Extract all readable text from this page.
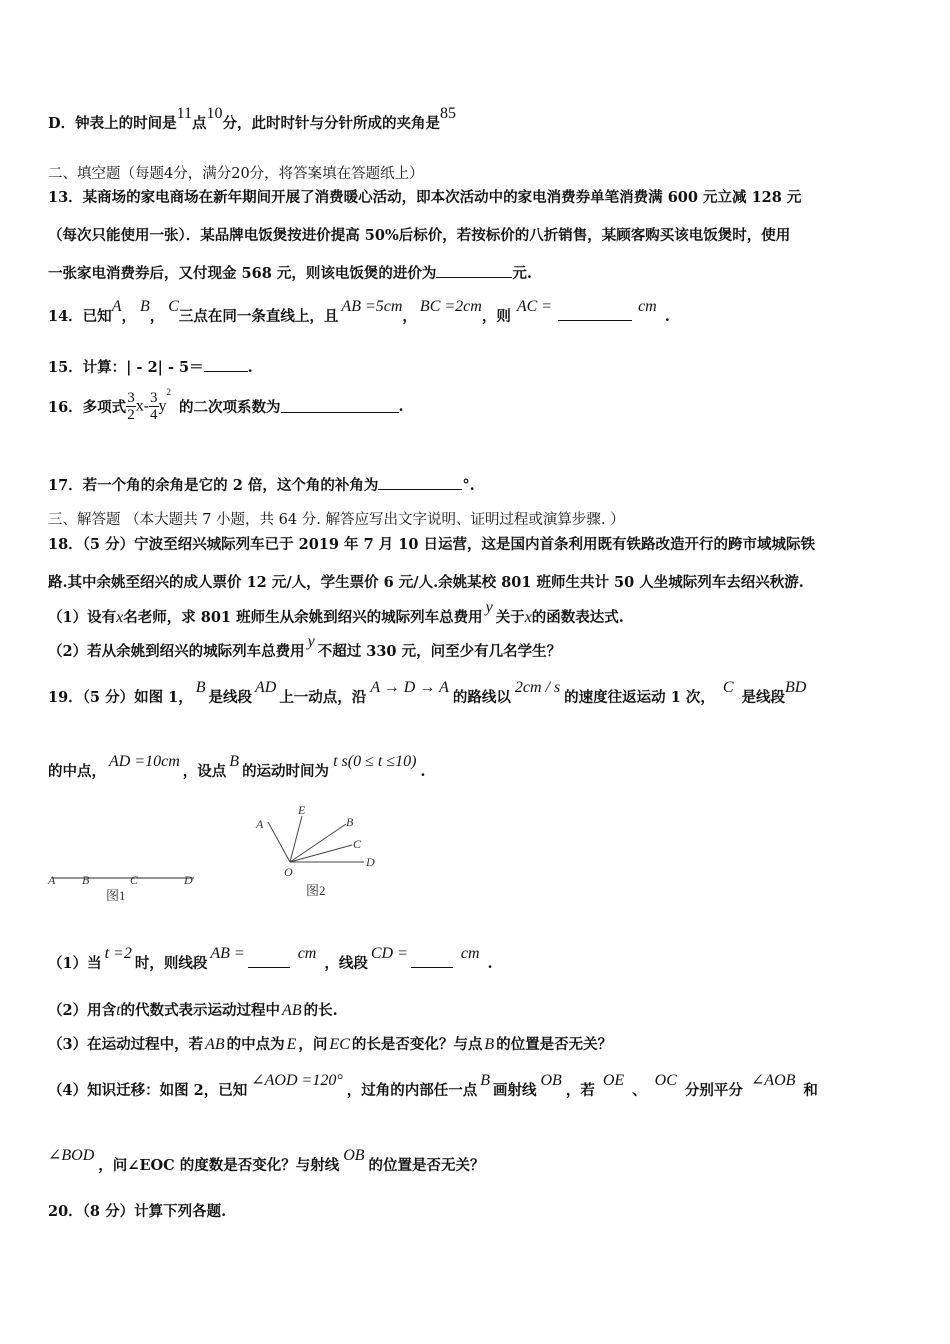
D．钟表上的时间是11点10分，此时时针与分针所成的夹角是85
二、填空题（每题4分，满分20分，将答案填在答题纸上）
13．某商场的家电商场在新年期间开展了消费暖心活动，即本次活动中的家电消费券单笔消费满 600 元立减 128 元
（每次只能使用一张）．某品牌电饭煲按进价提高 50%后标价，若按标价的八折销售，某顾客购买该电饭煲时，使用
一张家电消费券后，又付现金 568 元，则该电饭煲的进价为	元.
14．已知A，B，C三点在同一条直线上，且AB =5cm，BC =2cm，则AC =	cm.
15．计算：| - 2| - 5＝	.
16．多项式 $\frac{3}{2} x- \frac{3}{4} y^2$的二次项系数为	.
17．若一个角的余角是它的 2 倍，这个角的补角为	°.
三、解答题 （本大题共 7 小题，共 64 分. 解答应写出文字说明、证明过程或演算步骤. ）
18．（5 分）宁波至绍兴城际列车已于 2019 年 7 月 10 日运营，这是国内首条利用既有铁路改造开行的跨市域城际铁
路.其中余姚至绍兴的成人票价 12 元/人，学生票价 6 元/人.余姚某校 801 班师生共计 50 人坐城际列车去绍兴秋游.
（1）设有x名老师，求 801 班师生从余姚到绍兴的城际列车总费用y关于x的函数表达式.
（2）若从余姚到绍兴的城际列车总费用y不超过 330 元，问至少有几名学生？
19．（5 分）如图 1，B是线段AD上一动点，沿A → D → A的路线以2cm / s的速度往返运动 1 次，C是线段BD
的中点，AD =10cm，设点B的运动时间为t s(0 ≤ t ≤10).
A B	C	D
图1
A
E
B
C
D
O
图2
（1）当t =2时，则线段AB =	cm，线段CD =	cm.
（2）用含t的代数式表示运动过程中 AB 的长.
（3）在运动过程中，若 AB 的中点为 E ，问 EC 的长是否变化？与点 B 的位置是否无关？
（4）知识迁移：如图 2，已知∠AOD =120°，过角的内部任一点B画射线OB，若OE、OC分别平分∠AOB和
∠BOD，问∠EOC 的度数是否变化？与射线OB的位置是否无关？
20．（8 分）计算下列各题.
